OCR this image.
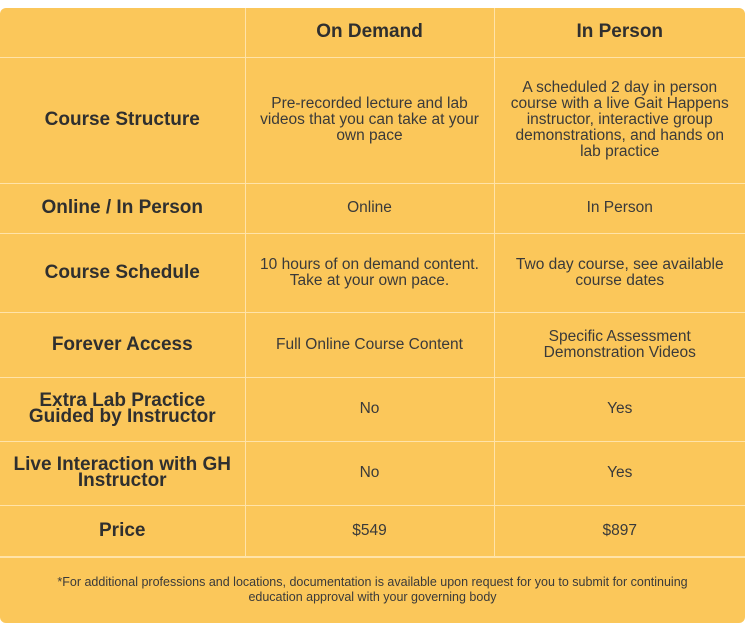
	On Demand	In Person
Course Structure	Pre-recorded lecture and lab videos that you can take at your own pace	A scheduled 2 day in person course with a live Gait Happens instructor, interactive group demonstrations, and hands on lab practice
Online / In Person	Online	In Person
Course Schedule	10 hours of on demand content. Take at your own pace.	Two day course, see available course dates
Forever Access	Full Online Course Content	Specific Assessment Demonstration Videos
Extra Lab Practice Guided by Instructor	No	Yes
Live Interaction with GH Instructor	No	Yes
Price	$549	$897
*For additional professions and locations, documentation is available upon request for you to submit for continuing education approval with your governing body
